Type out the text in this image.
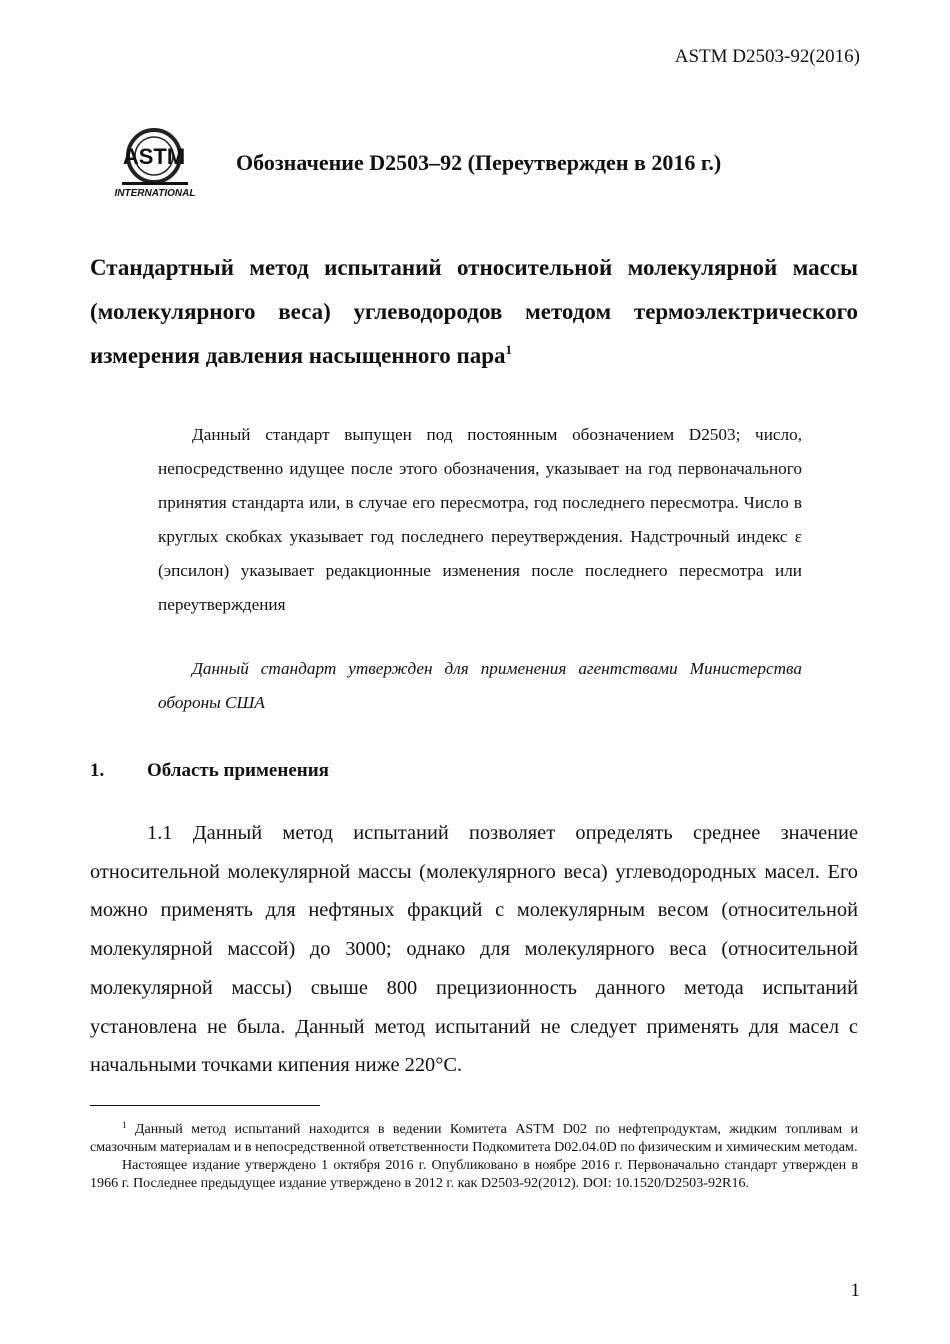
ASTM D2503-92(2016)
ASTM
INTERNATIONAL
Обозначение D2503–92 (Переутвержден в 2016 г.)
Стандартный метод испытаний относительной молекулярной массы (молекулярного веса) углеводородов методом термоэлектрического измерения давления насыщенного пара$^1$
Данный стандарт выпущен под постоянным обозначением D2503; число, непосредственно идущее после этого обозначения, указывает на год первоначального принятия стандарта или, в случае его пересмотра, год последнего пересмотра. Число в круглых скобках указывает год последнего переутверждения. Надстрочный индекс ε (эпсилон) указывает редакционные изменения после последнего пересмотра или переутверждения
Данный стандарт утвержден для применения агентствами Министерства обороны США
1. Область применения
1.1 Данный метод испытаний позволяет определять среднее значение относительной молекулярной массы (молекулярного веса) углеводородных масел. Его можно применять для нефтяных фракций с молекулярным весом (относительной молекулярной массой) до 3000; однако для молекулярного веса (относительной молекулярной массы) свыше 800 прецизионность данного метода испытаний установлена не была. Данный метод испытаний не следует применять для масел с начальными точками кипения ниже 220°C.

$^1$ Данный метод испытаний находится в ведении Комитета ASTM D02 по нефтепродуктам, жидким топливам и смазочным материалам и в непосредственной ответственности Подкомитета D02.04.0D по физическим и химическим методам.

Настоящее издание утверждено 1 октября 2016 г. Опубликовано в ноябре 2016 г. Первоначально стандарт утвержден в 1966 г. Последнее предыдущее издание утверждено в 2012 г. как D2503-92(2012). DOI: 10.1520/D2503-92R16.

1
